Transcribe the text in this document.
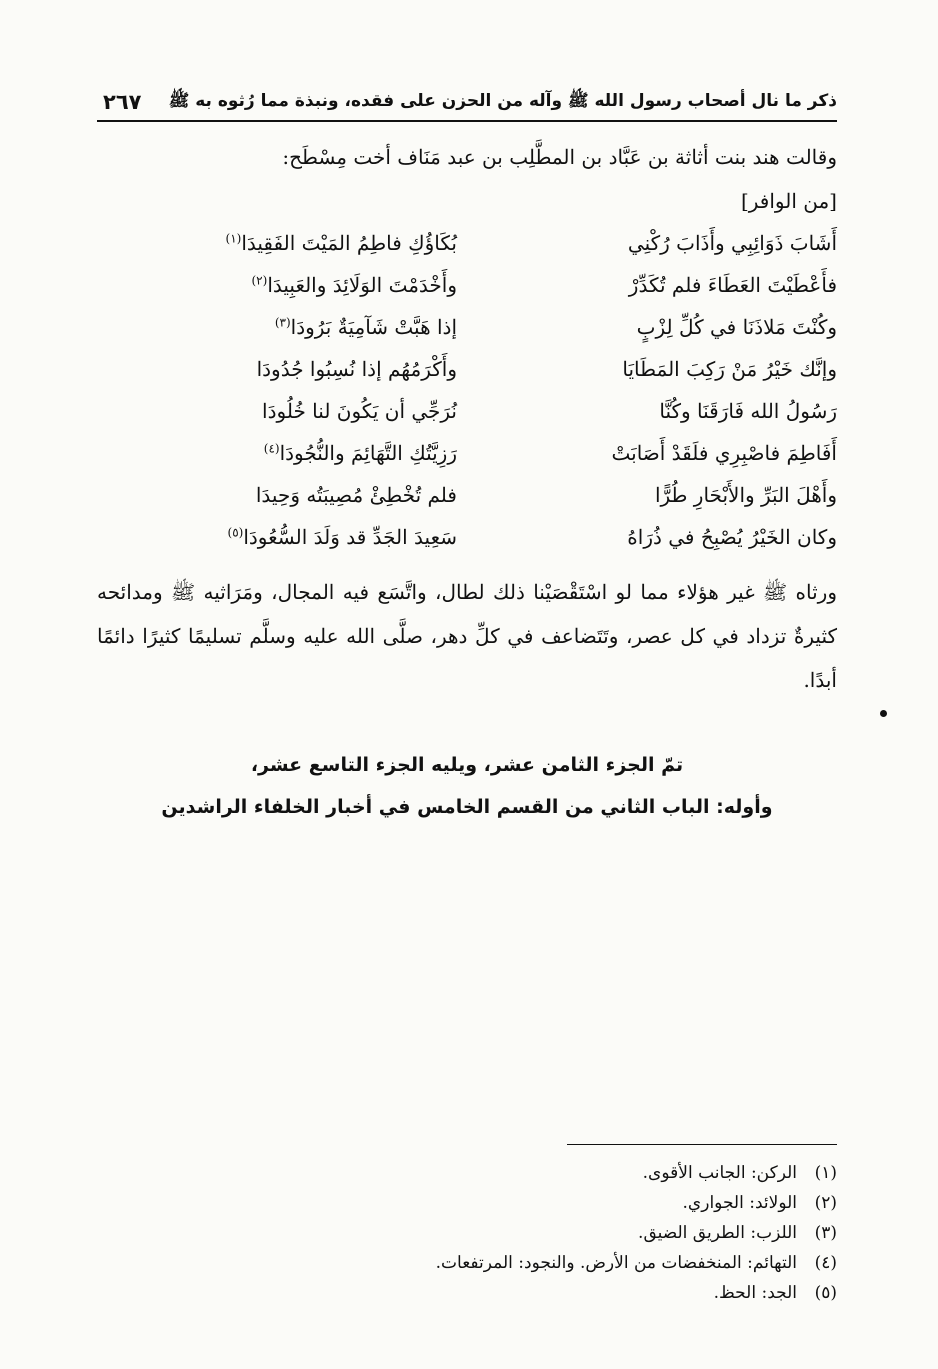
ذكر ما نال أصحاب رسول الله ﷺ وآله من الحزن على فقده، ونبذة مما رُثوه به ﷺ
٢٦٧
وقالت هند بنت أثاثة بن عَبَّاد بن المطَّلِب بن عبد مَنَاف أخت مِسْطَح:
[من الوافر]
أَشَابَ ذَوَائِبِي وأَذَابَ رُكْنِي
بُكَاؤُكِ فاطِمُ المَيْتَ الفَقِيدَا$^{(١)}$
فأَعْطَيْتَ العَطَاءَ فلم تُكَدِّرْ
وأَخْدَمْتَ الوَلَائِدَ والعَبِيدَا$^{(٢)}$
وكُنْتَ مَلاذَنَا في كُلِّ لِزْبٍ
إذا هَبَّتْ شَآمِيَةٌ بَرُودَا$^{(٣)}$
وإنَّك خَيْرُ مَنْ رَكِبَ المَطَايَا
وأَكْرَمُهُم إذا نُسِبُوا جُدُودَا
رَسُولُ الله فَارَقَنَا وكُنَّا
نُرَجِّي أن يَكُونَ لنا خُلُودَا
أَفَاطِمَ فاصْبِرِي فلَقَدْ أَصَابَتْ
رَزِيَّتُكِ التَّهَائِمَ والنُّجُودَا$^{(٤)}$
وأَهْلَ البَرِّ والأَبْحَارِ طُرًّا
فلم تُخْطِئْ مُصِيبَتُه وَحِيدَا
وكان الخَيْرُ يُصْبِحُ في ذُرَاهُ
سَعِيدَ الجَدِّ قد وَلَدَ السُّعُودَا$^{(٥)}$
ورثاه ﷺ غير هؤلاء مما لو اسْتَقْصَيْنا ذلك لطال، واتَّسَع فيه المجال، ومَرَاثيه ﷺ ومدائحه كثيرةٌ تزداد في كل عصر، وتَتَضاعف في كلِّ دهر، صلَّى الله عليه وسلَّم تسليمًا كثيرًا دائمًا أبدًا.
تمّ الجزء الثامن عشر، ويليه الجزء التاسع عشر،
وأوله: الباب الثاني من القسم الخامس في أخبار الخلفاء الراشدين
(١)الركن: الجانب الأقوى.
(٢)الولائد: الجواري.
(٣)اللزب: الطريق الضيق.
(٤)التهائم: المنخفضات من الأرض. والنجود: المرتفعات.
(٥)الجد: الحظ.
